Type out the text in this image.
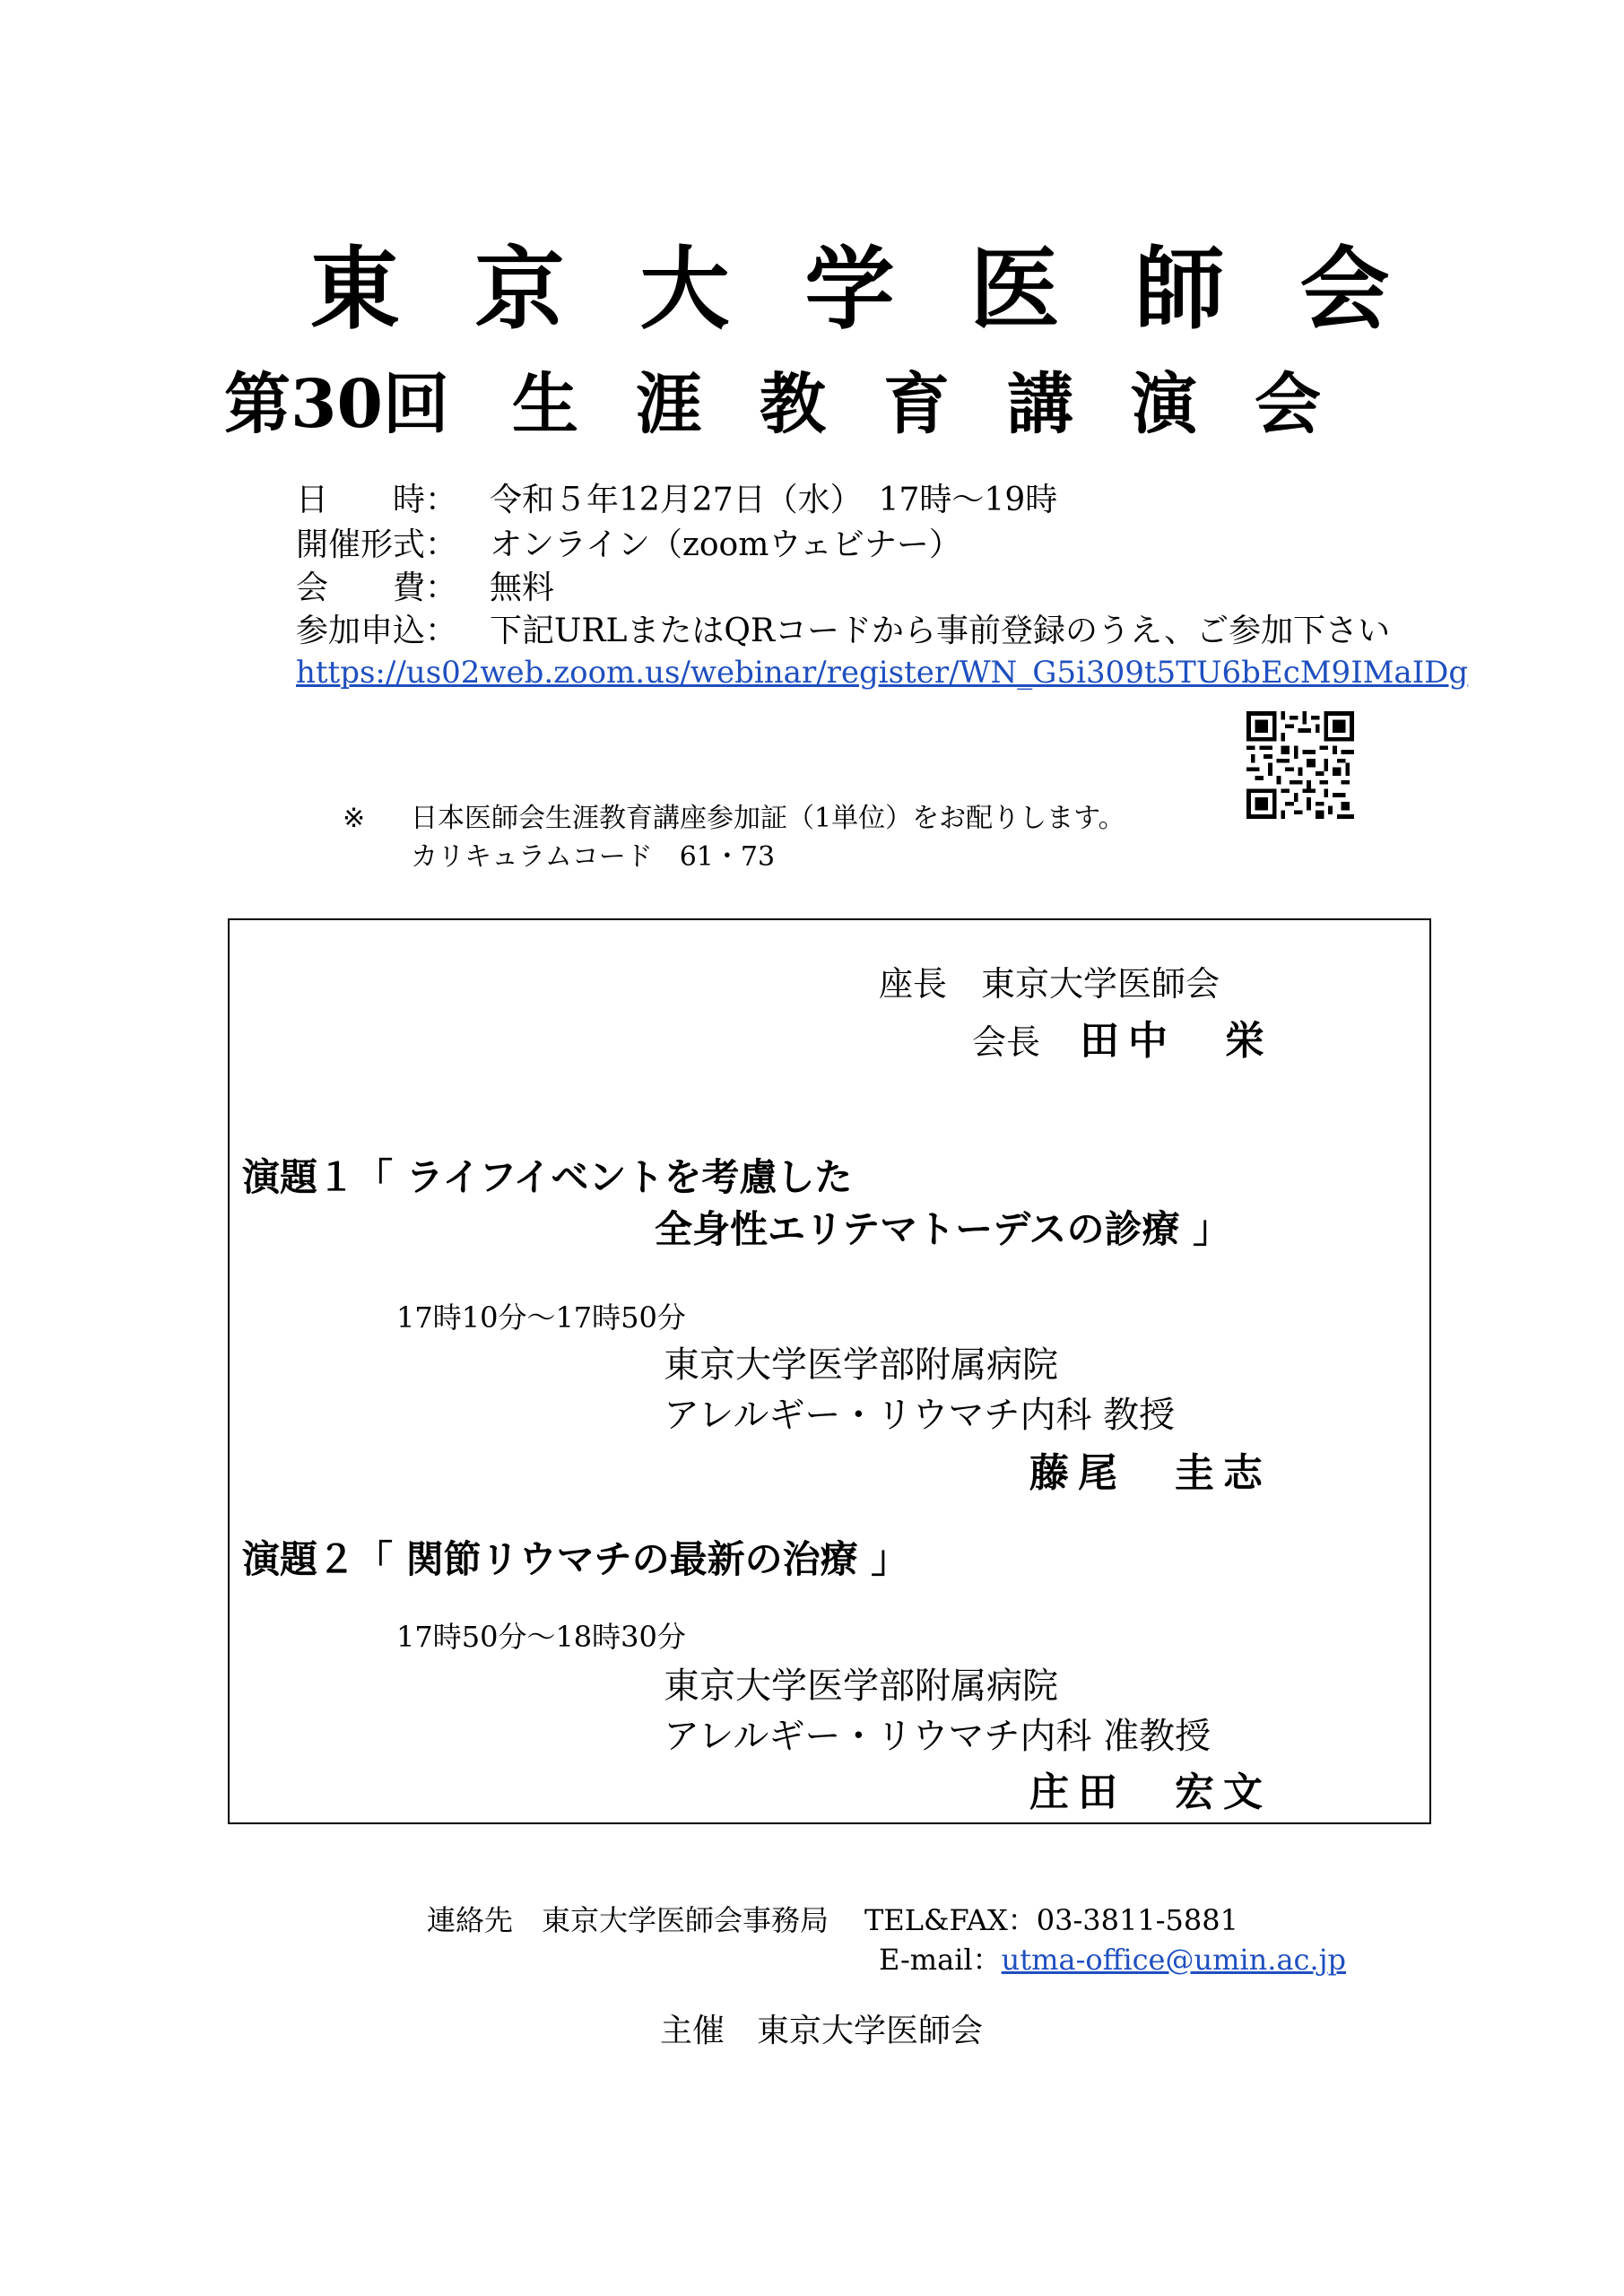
東京大学医師会
第30回 生涯教育講演会
日　　時： 令和５年12月27日（水）　17時～19時
開催形式： オンライン（zoomウェビナー）
会　　費： 無料
参加申込： 下記URLまたはQRコードから事前登録のうえ、ご参加下さい
https://us02web.zoom.us/webinar/register/WN_G5i309t5TU6bEcM9IMaIDg
※ 日本医師会生涯教育講座参加証（1単位）をお配りします。
カリキュラムコード　61・73
座長　東京大学医師会
会長 田中　栄
演題１「 ライフイベントを考慮した
全身性エリテマトーデスの診療 」
17時10分～17時50分
東京大学医学部附属病院
アレルギー・リウマチ内科 教授
藤尾　圭志
演題２「 関節リウマチの最新の治療 」
17時50分～18時30分
東京大学医学部附属病院
アレルギー・リウマチ内科 准教授
庄田　宏文
連絡先　東京大学医師会事務局 TEL&FAX：03-3811-5881
E-mail：utma-office@umin.ac.jp
主催　東京大学医師会
